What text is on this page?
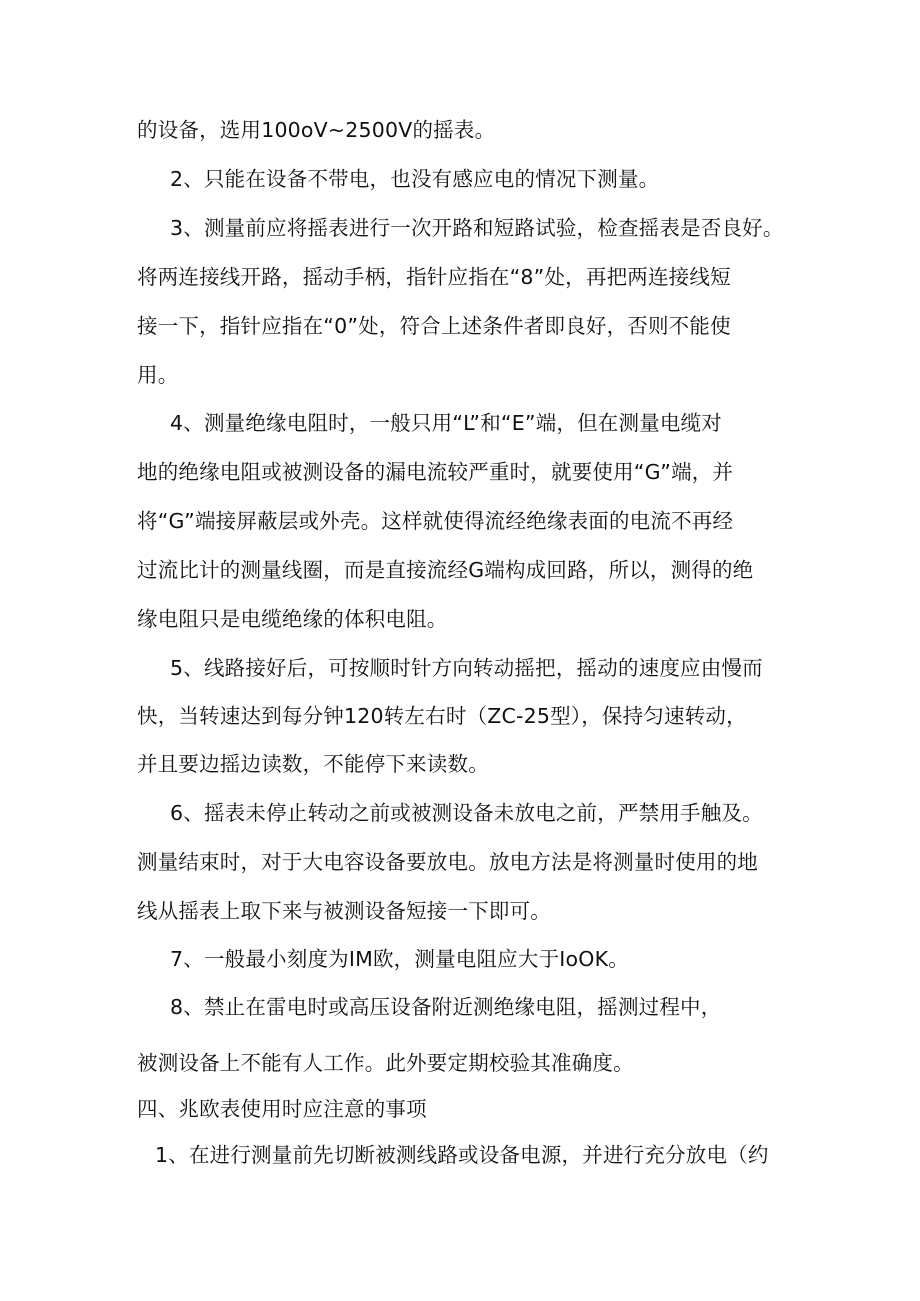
的设备，选用100oV~2500V的摇表。
2、只能在设备不带电，也没有感应电的情况下测量。
3、测量前应将摇表进行一次开路和短路试验，检查摇表是否良好。
将两连接线开路，摇动手柄，指针应指在“8”处，再把两连接线短
接一下，指针应指在“0”处，符合上述条件者即良好，否则不能使
用。
4、测量绝缘电阻时，一般只用“L”和“E”端，但在测量电缆对
地的绝缘电阻或被测设备的漏电流较严重时，就要使用“G”端，并
将“G”端接屏蔽层或外壳。这样就使得流经绝缘表面的电流不再经
过流比计的测量线圈，而是直接流经G端构成回路，所以，测得的绝
缘电阻只是电缆绝缘的体积电阻。
5、线路接好后，可按顺时针方向转动摇把，摇动的速度应由慢而
快，当转速达到每分钟120转左右时（ZC-25型），保持匀速转动，
并且要边摇边读数，不能停下来读数。
6、摇表未停止转动之前或被测设备未放电之前，严禁用手触及。
测量结束时，对于大电容设备要放电。放电方法是将测量时使用的地
线从摇表上取下来与被测设备短接一下即可。
7、一般最小刻度为IM欧，测量电阻应大于IoOK。
8、禁止在雷电时或高压设备附近测绝缘电阻，摇测过程中，
被测设备上不能有人工作。此外要定期校验其准确度。
四、兆欧表使用时应注意的事项
1、在进行测量前先切断被测线路或设备电源，并进行充分放电（约
